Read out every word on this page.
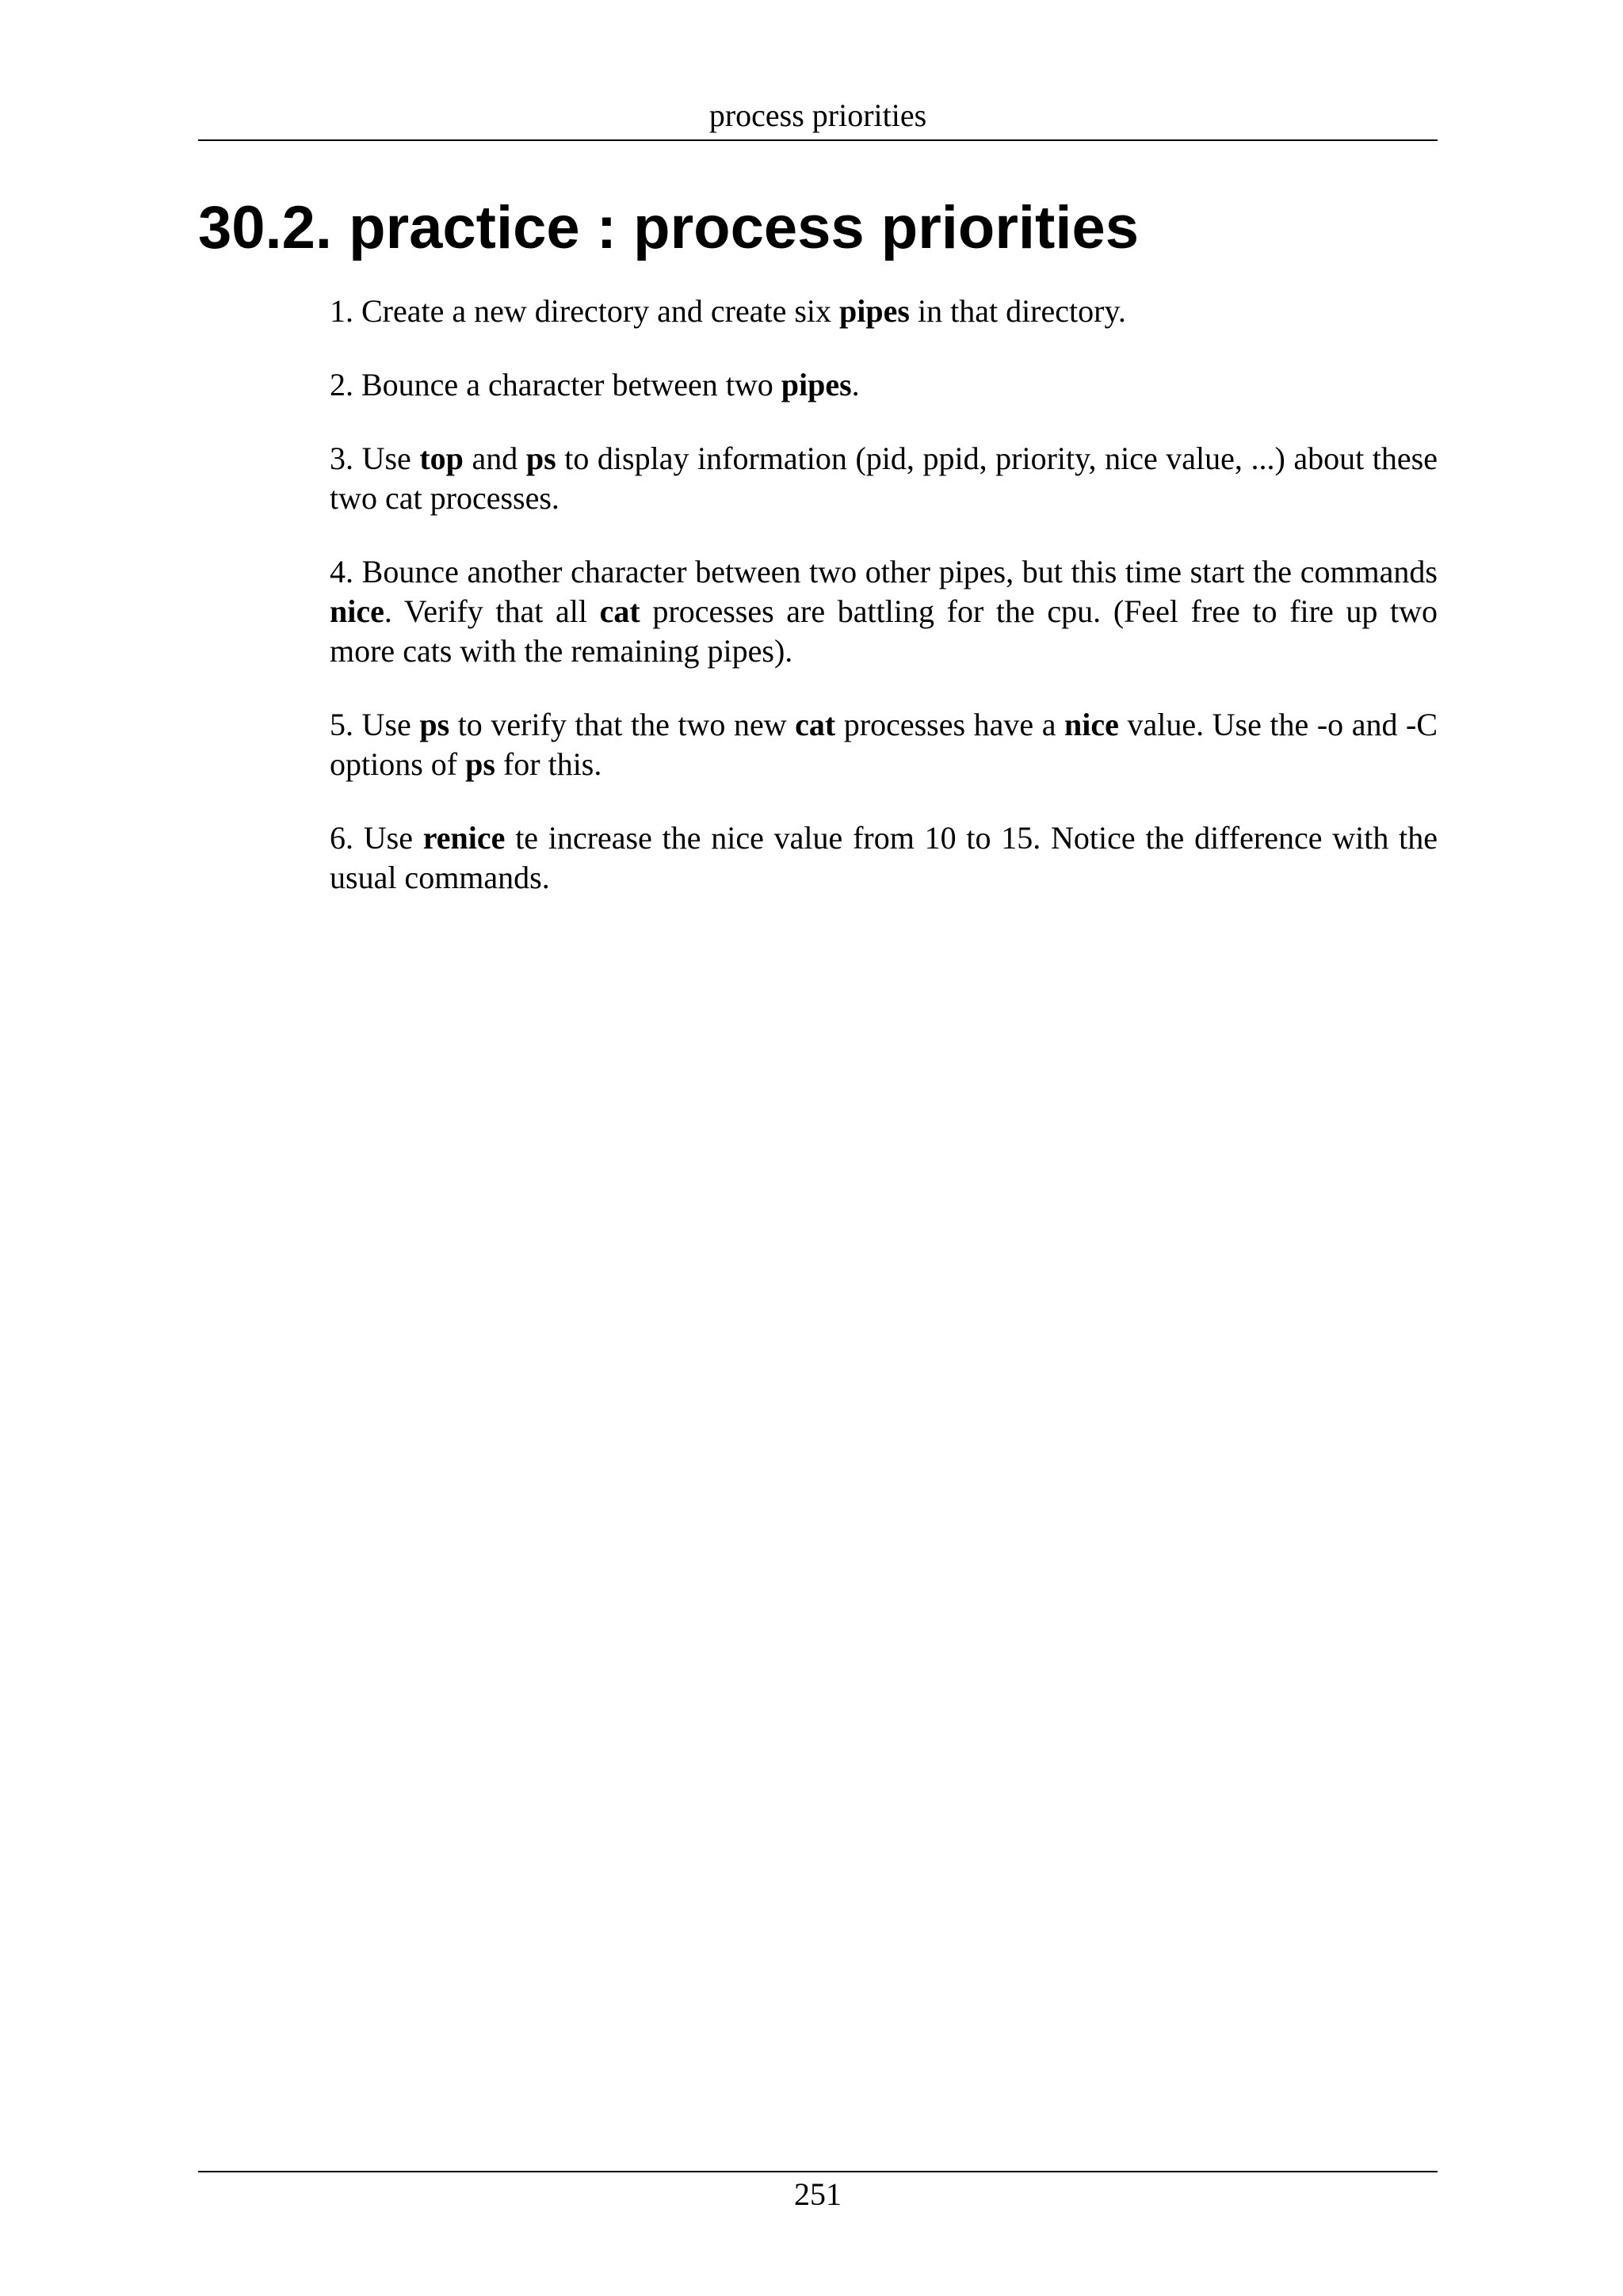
process priorities
30.2. practice : process priorities
1. Create a new directory and create six pipes in that directory.
2. Bounce a character between two pipes.
3. Use top and ps to display information (pid, ppid, priority, nice value, ...) about these two cat processes.
4. Bounce another character between two other pipes, but this time start the commands nice. Verify that all cat processes are battling for the cpu. (Feel free to fire up two more cats with the remaining pipes).
5. Use ps to verify that the two new cat processes have a nice value. Use the -o and -C options of ps for this.
6. Use renice te increase the nice value from 10 to 15. Notice the difference with the usual commands.
251
